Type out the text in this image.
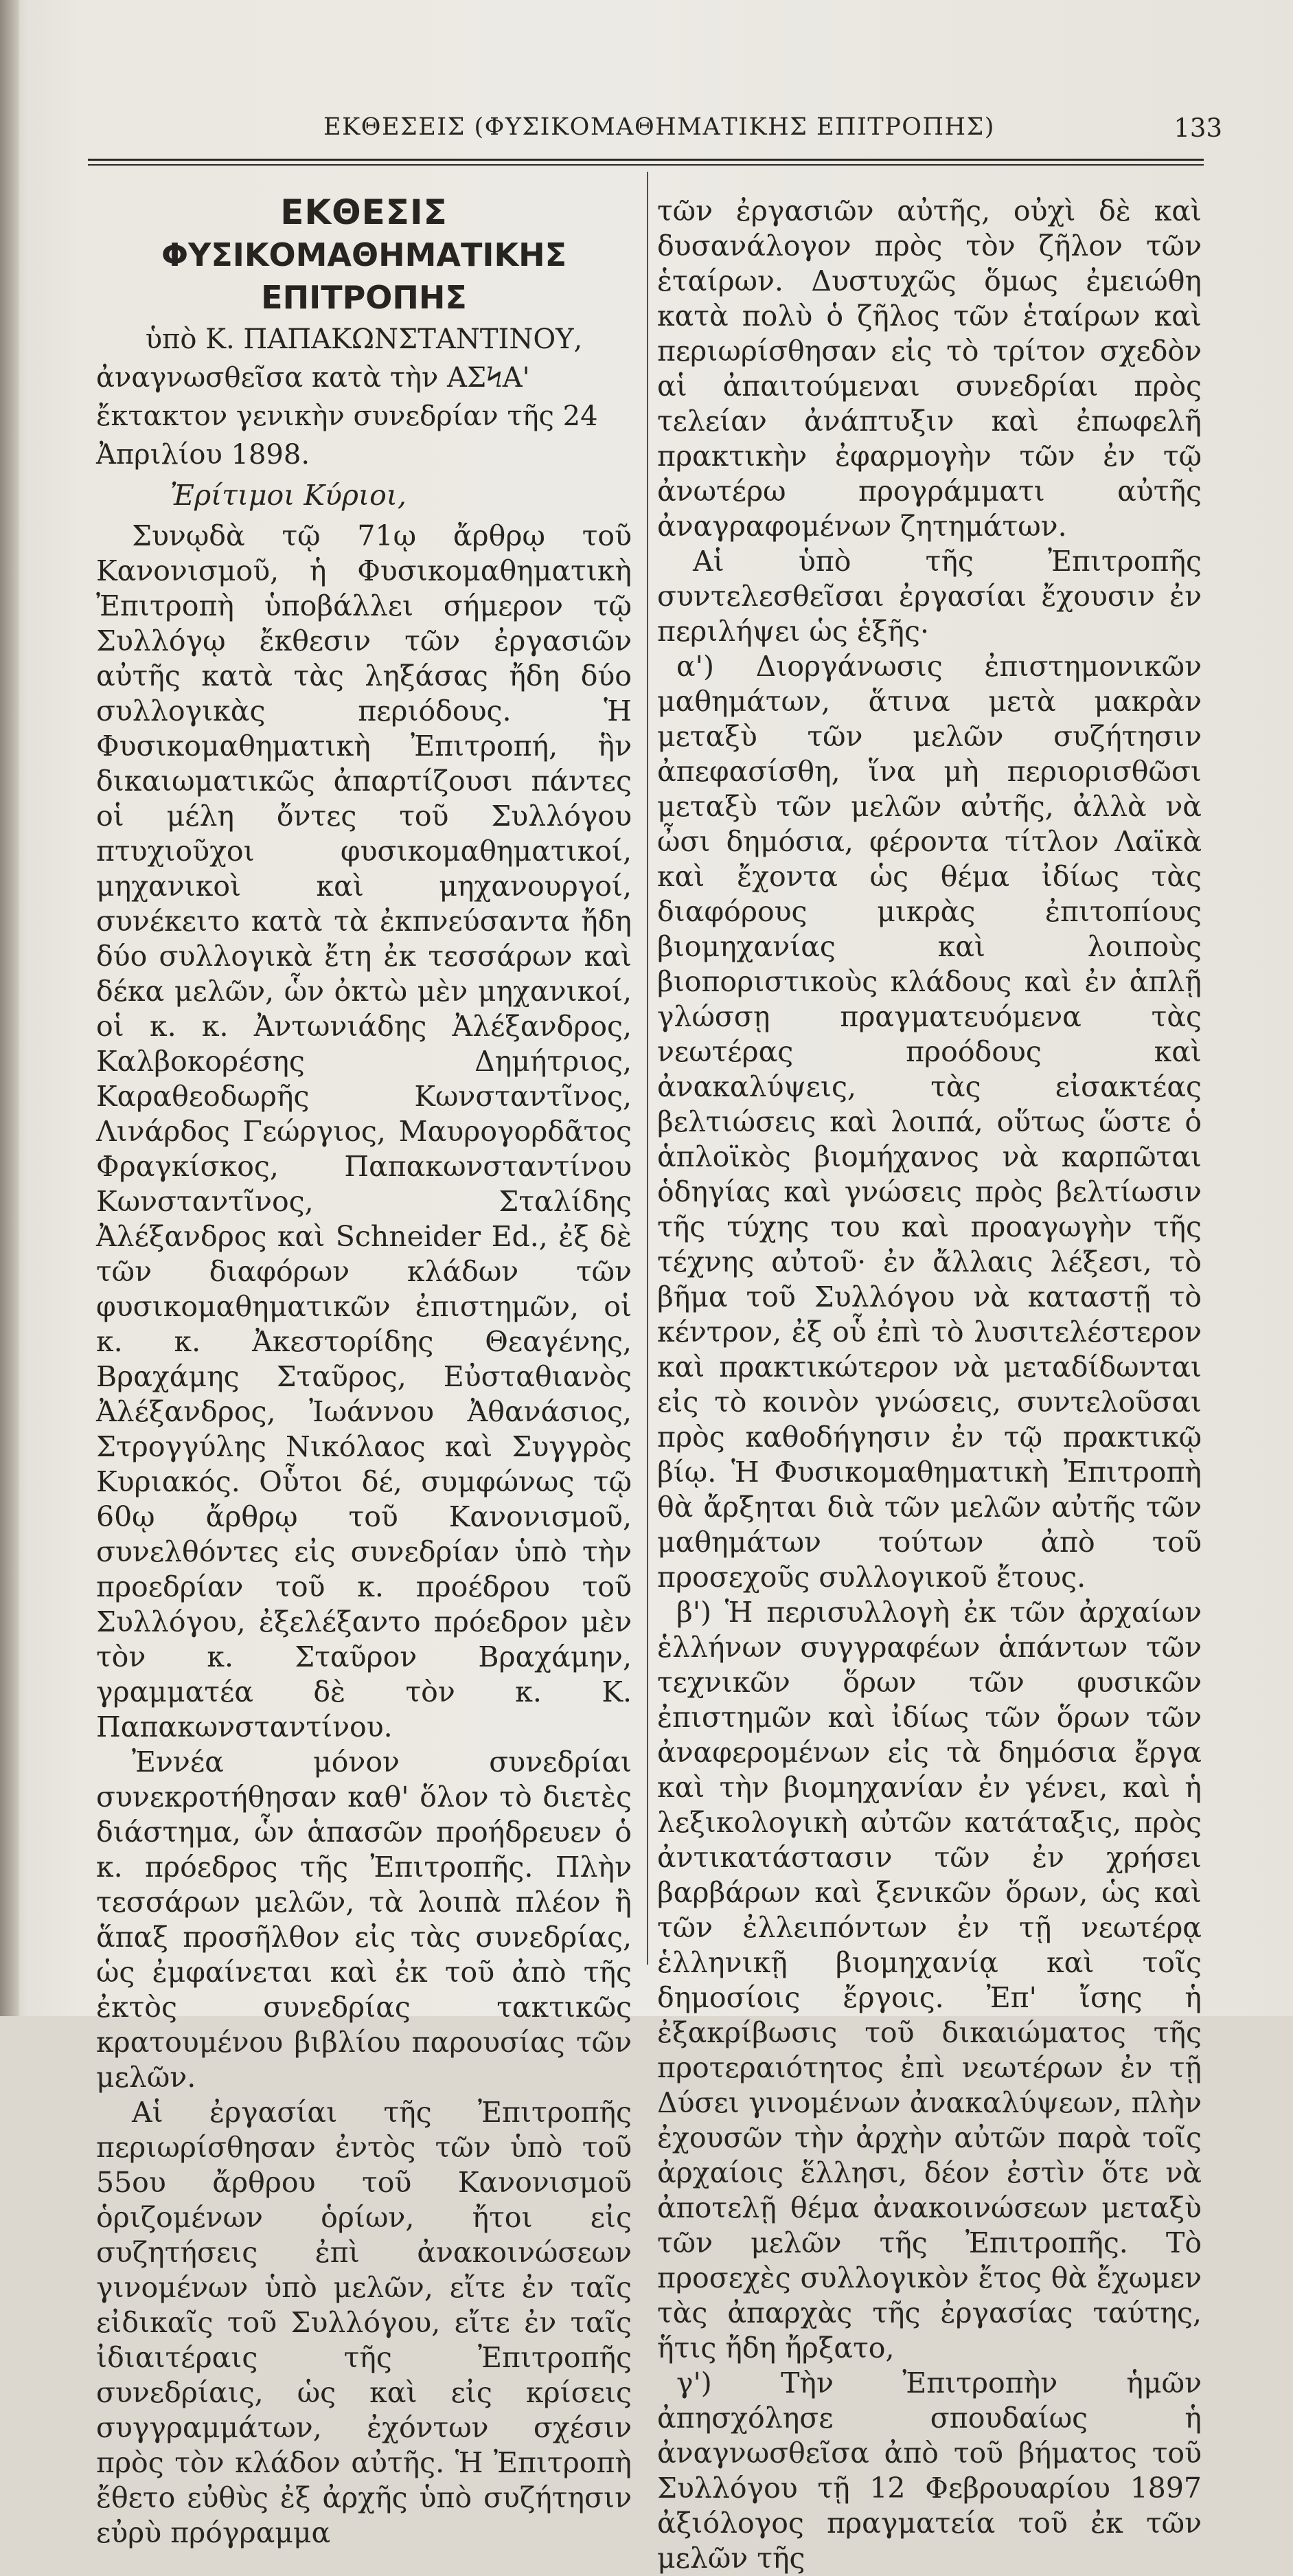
ΕΚΘΕΣΕΙΣ (ΦΥΣΙΚΟΜΑΘΗΜΑΤΙΚΗΣ ΕΠΙΤΡΟΠΗΣ)	133
ΕΚΘΕΣΙΣ
ΦΥΣΙΚΟΜΑΘΗΜΑΤΙΚΗΣ ΕΠΙΤΡΟΠΗΣ
ὑπὸ Κ. ΠΑΠΑΚΩΝΣΤΑΝΤΙΝΟΥ,

ἀναγνωσθεῖσα κατὰ τὴν ΑΣϞΑ' ἔκτακτον γενικὴν συνεδρίαν τῆς 24 Ἀπριλίου 1898.

Ἐρίτιμοι Κύριοι,

Συνῳδὰ τῷ 71ῳ ἄρθρῳ τοῦ Κανονισμοῦ, ἡ Φυσικομαθηματικὴ Ἐπιτροπὴ ὑποβάλλει σήμερον τῷ Συλλόγῳ ἔκθεσιν τῶν ἐργασιῶν αὐτῆς κατὰ τὰς ληξάσας ἤδη δύο συλλογικὰς περιόδους. Ἡ Φυσικομαθηματικὴ Ἐπιτροπή, ἣν δικαιωματικῶς ἀπαρτίζουσι πάντες οἱ μέλη ὄντες τοῦ Συλλόγου πτυχιοῦχοι φυσικομαθηματικοί, μηχανικοὶ καὶ μηχανουργοί, συνέκειτο κατὰ τὰ ἐκπνεύσαντα ἤδη δύο συλλογικὰ ἔτη ἐκ τεσσάρων καὶ δέκα μελῶν, ὧν ὀκτὼ μὲν μηχανικοί, οἱ κ. κ. Ἀντωνιάδης Ἀλέξανδρος, Καλβοκορέσης Δημήτριος, Καραθεοδωρῆς Κωνσταντῖνος, Λινάρδος Γεώργιος, Μαυρογορδᾶτος Φραγκίσκος, Παπακωνσταντίνου Κωνσταντῖνος, Σταλίδης Ἀλέξανδρος καὶ Schneider Ed., ἐξ δὲ τῶν διαφόρων κλάδων τῶν φυσικομαθηματικῶν ἐπιστημῶν, οἱ κ. κ. Ἀκεστορίδης Θεαγένης, Βραχάμης Σταῦρος, Εὐσταθιανὸς Ἀλέξανδρος, Ἰωάννου Ἀθανάσιος, Στρογγύλης Νικόλαος καὶ Συγγρὸς Κυριακός. Οὗτοι δέ, συμφώνως τῷ 60ῳ ἄρθρῳ τοῦ Κανονισμοῦ, συνελθόντες εἰς συνεδρίαν ὑπὸ τὴν προεδρίαν τοῦ κ. προέδρου τοῦ Συλλόγου, ἐξελέξαντο πρόεδρον μὲν τὸν κ. Σταῦρον Βραχάμην, γραμματέα δὲ τὸν κ. Κ. Παπακωνσταντίνου.

Ἐννέα μόνον συνεδρίαι συνεκροτήθησαν καθ' ὅλον τὸ διετὲς διάστημα, ὧν ἁπασῶν προήδρευεν ὁ κ. πρόεδρος τῆς Ἐπιτροπῆς. Πλὴν τεσσάρων μελῶν, τὰ λοιπὰ πλέον ἢ ἅπαξ προσῆλθον εἰς τὰς συνεδρίας, ὡς ἐμφαίνεται καὶ ἐκ τοῦ ἀπὸ τῆς ἐκτὸς συνεδρίας τακτικῶς κρατουμένου βιβλίου παρουσίας τῶν μελῶν.

Αἱ ἐργασίαι τῆς Ἐπιτροπῆς περιωρίσθησαν ἐντὸς τῶν ὑπὸ τοῦ 55ου ἄρθρου τοῦ Κανονισμοῦ ὁριζομένων ὁρίων, ἤτοι εἰς συζητήσεις ἐπὶ ἀνακοινώσεων γινομένων ὑπὸ μελῶν, εἴτε ἐν ταῖς εἰδικαῖς τοῦ Συλλόγου, εἴτε ἐν ταῖς ἰδιαιτέραις τῆς Ἐπιτροπῆς συνεδρίαις, ὡς καὶ εἰς κρίσεις συγγραμμάτων, ἐχόντων σχέσιν πρὸς τὸν κλάδον αὐτῆς. Ἡ Ἐπιτροπὴ ἔθετο εὐθὺς ἐξ ἀρχῆς ὑπὸ συζήτησιν εὐρὺ πρόγραμμα

τῶν ἐργασιῶν αὐτῆς, οὐχὶ δὲ καὶ δυσανάλογον πρὸς τὸν ζῆλον τῶν ἑταίρων. Δυστυχῶς ὅμως ἐμειώθη κατὰ πολὺ ὁ ζῆλος τῶν ἑταίρων καὶ περιωρίσθησαν εἰς τὸ τρίτον σχεδὸν αἱ ἀπαιτούμεναι συνεδρίαι πρὸς τελείαν ἀνάπτυξιν καὶ ἐπωφελῆ πρακτικὴν ἐφαρμογὴν τῶν ἐν τῷ ἀνωτέρω προγράμματι αὐτῆς ἀναγραφομένων ζητημάτων.

Αἱ ὑπὸ τῆς Ἐπιτροπῆς συντελεσθεῖσαι ἐργασίαι ἔχουσιν ἐν περιλήψει ὡς ἑξῆς·

α') Διοργάνωσις ἐπιστημονικῶν μαθημάτων, ἅτινα μετὰ μακρὰν μεταξὺ τῶν μελῶν συζήτησιν ἀπεφασίσθη, ἵνα μὴ περιορισθῶσι μεταξὺ τῶν μελῶν αὐτῆς, ἀλλὰ νὰ ὦσι δημόσια, φέροντα τίτλον Λαϊκὰ καὶ ἔχοντα ὡς θέμα ἰδίως τὰς διαφόρους μικρὰς ἐπιτοπίους βιομηχανίας καὶ λοιποὺς βιοποριστικοὺς κλάδους καὶ ἐν ἁπλῇ γλώσσῃ πραγματευόμενα τὰς νεωτέρας προόδους καὶ ἀνακαλύψεις, τὰς εἰσακτέας βελτιώσεις καὶ λοιπά, οὕτως ὥστε ὁ ἁπλοϊκὸς βιομήχανος νὰ καρπῶται ὁδηγίας καὶ γνώσεις πρὸς βελτίωσιν τῆς τύχης του καὶ προαγωγὴν τῆς τέχνης αὐτοῦ· ἐν ἄλλαις λέξεσι, τὸ βῆμα τοῦ Συλλόγου νὰ καταστῇ τὸ κέντρον, ἐξ οὗ ἐπὶ τὸ λυσιτελέστερον καὶ πρακτικώτερον νὰ μεταδίδωνται εἰς τὸ κοινὸν γνώσεις, συντελοῦσαι πρὸς καθοδήγησιν ἐν τῷ πρακτικῷ βίῳ. Ἡ Φυσικομαθηματικὴ Ἐπιτροπὴ θὰ ἄρξηται διὰ τῶν μελῶν αὐτῆς τῶν μαθημάτων τούτων ἀπὸ τοῦ προσεχοῦς συλλογικοῦ ἔτους.

β') Ἡ περισυλλογὴ ἐκ τῶν ἀρχαίων ἑλλήνων συγγραφέων ἁπάντων τῶν τεχνικῶν ὅρων τῶν φυσικῶν ἐπιστημῶν καὶ ἰδίως τῶν ὅρων τῶν ἀναφερομένων εἰς τὰ δημόσια ἔργα καὶ τὴν βιομηχανίαν ἐν γένει, καὶ ἡ λεξικολογικὴ αὐτῶν κατάταξις, πρὸς ἀντικατάστασιν τῶν ἐν χρήσει βαρβάρων καὶ ξενικῶν ὅρων, ὡς καὶ τῶν ἐλλειπόντων ἐν τῇ νεωτέρᾳ ἑλληνικῇ βιομηχανίᾳ καὶ τοῖς δημοσίοις ἔργοις. Ἐπ' ἴσης ἡ ἐξακρίβωσις τοῦ δικαιώματος τῆς προτεραιότητος ἐπὶ νεωτέρων ἐν τῇ Δύσει γινομένων ἀνακαλύψεων, πλὴν ἐχουσῶν τὴν ἀρχὴν αὐτῶν παρὰ τοῖς ἀρχαίοις ἕλλησι, δέον ἐστὶν ὅτε νὰ ἀποτελῇ θέμα ἀνακοινώσεων μεταξὺ τῶν μελῶν τῆς Ἐπιτροπῆς. Τὸ προσεχὲς συλλογικὸν ἔτος θὰ ἔχωμεν τὰς ἀπαρχὰς τῆς ἐργασίας ταύτης, ἥτις ἤδη ἤρξατο,

γ') Τὴν Ἐπιτροπὴν ἡμῶν ἀπησχόλησε σπουδαίως ἡ ἀναγνωσθεῖσα ἀπὸ τοῦ βήματος τοῦ Συλλόγου τῇ 12 Φεβρουαρίου 1897 ἀξιόλογος πραγματεία τοῦ ἐκ τῶν μελῶν τῆς
